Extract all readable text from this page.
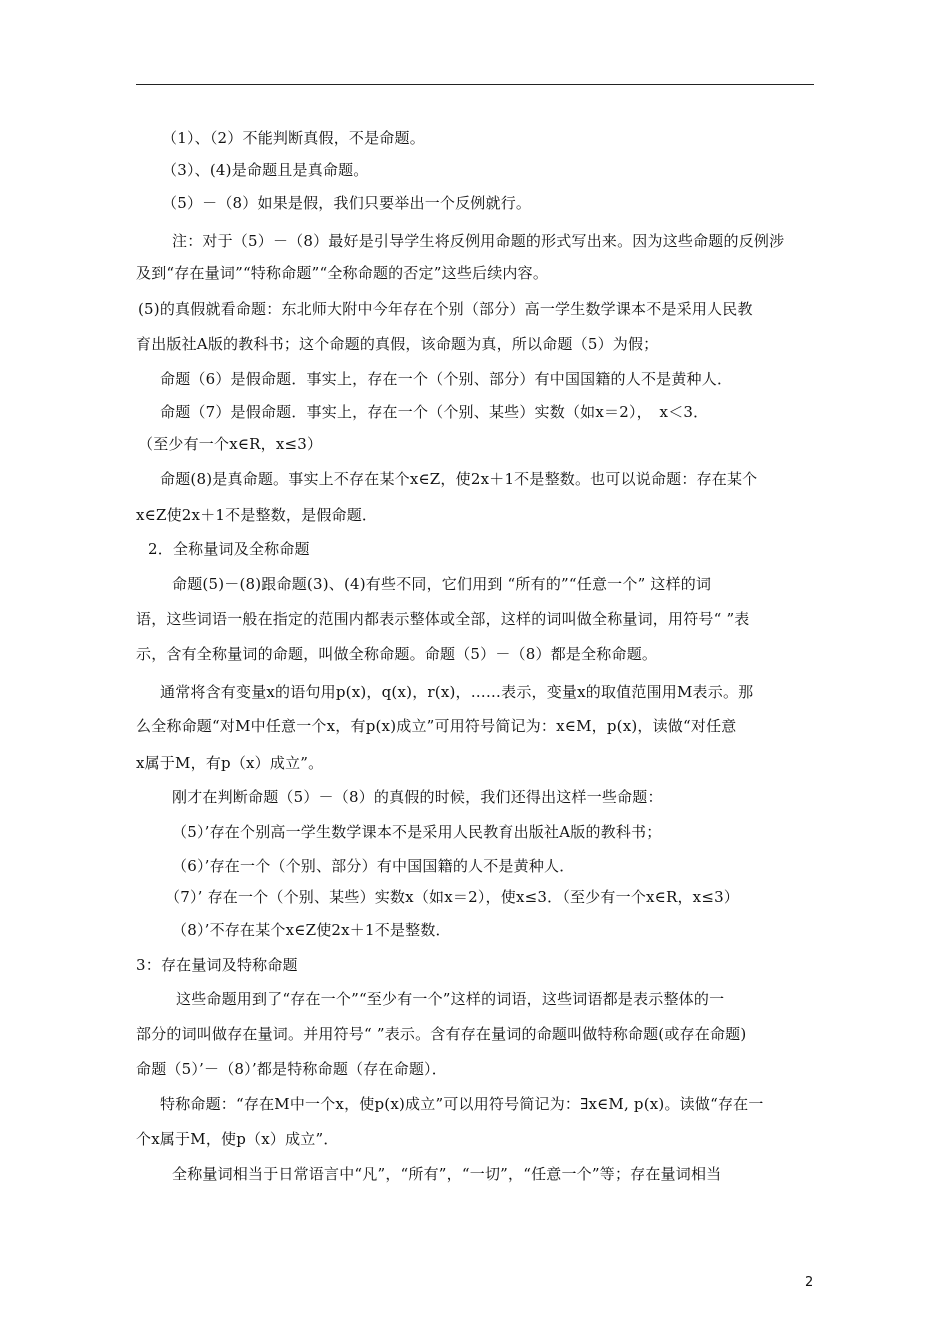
（1）、（2）不能判断真假，不是命题。
（3）、(4)是命题且是真命题。
（5）－（8）如果是假，我们只要举出一个反例就行。
注：对于（5）－（8）最好是引导学生将反例用命题的形式写出来。因为这些命题的反例涉
及到“存在量词”“特称命题”“全称命题的否定”这些后续内容。
(5)的真假就看命题：东北师大附中今年存在个别（部分）高一学生数学课本不是采用人民教
育出版社A版的教科书；这个命题的真假，该命题为真，所以命题（5）为假；
命题（6）是假命题．事实上，存在一个（个别、部分）有中国国籍的人不是黄种人．
命题（7）是假命题．事实上，存在一个（个别、某些）实数（如x＝2），　x＜3．
（至少有一个x∈R，x≤3）
命题(8)是真命题。事实上不存在某个x∈Z，使2x＋1不是整数。也可以说命题：存在某个
x∈Z使2x＋1不是整数，是假命题．
2．全称量词及全称命题
命题(5)－(8)跟命题(3)、(4)有些不同，它们用到 “所有的”“任意一个” 这样的词
语，这些词语一般在指定的范围内都表示整体或全部，这样的词叫做全称量词，用符号“ ”表
示，含有全称量词的命题，叫做全称命题。命题（5）－（8）都是全称命题。
通常将含有变量x的语句用p(x)，q(x)，r(x)，……表示，变量x的取值范围用M表示。那
么全称命题“对M中任意一个x，有p(x)成立”可用符号简记为：x∈M，p(x)，读做“对任意
x属于M，有p（x）成立”。
刚才在判断命题（5）－（8）的真假的时候，我们还得出这样一些命题：
（5）’存在个别高一学生数学课本不是采用人民教育出版社A版的教科书；
（6）’存在一个（个别、部分）有中国国籍的人不是黄种人．
（7）’ 存在一个（个别、某些）实数x（如x＝2），使x≤3．（至少有一个x∈R，x≤3）
（8）’不存在某个x∈Z使2x＋1不是整数．
3：存在量词及特称命题
这些命题用到了“存在一个”“至少有一个”这样的词语，这些词语都是表示整体的一
部分的词叫做存在量词。并用符号“ ”表示。含有存在量词的命题叫做特称命题(或存在命题)
命题（5）’－（8）’都是特称命题（存在命题）．
特称命题：“存在M中一个x，使p(x)成立”可以用符号简记为：∃x∈M, p(x)。读做“存在一
个x属于M，使p（x）成立”．
全称量词相当于日常语言中“凡”，“所有”，“一切”，“任意一个”等；存在量词相当
2
